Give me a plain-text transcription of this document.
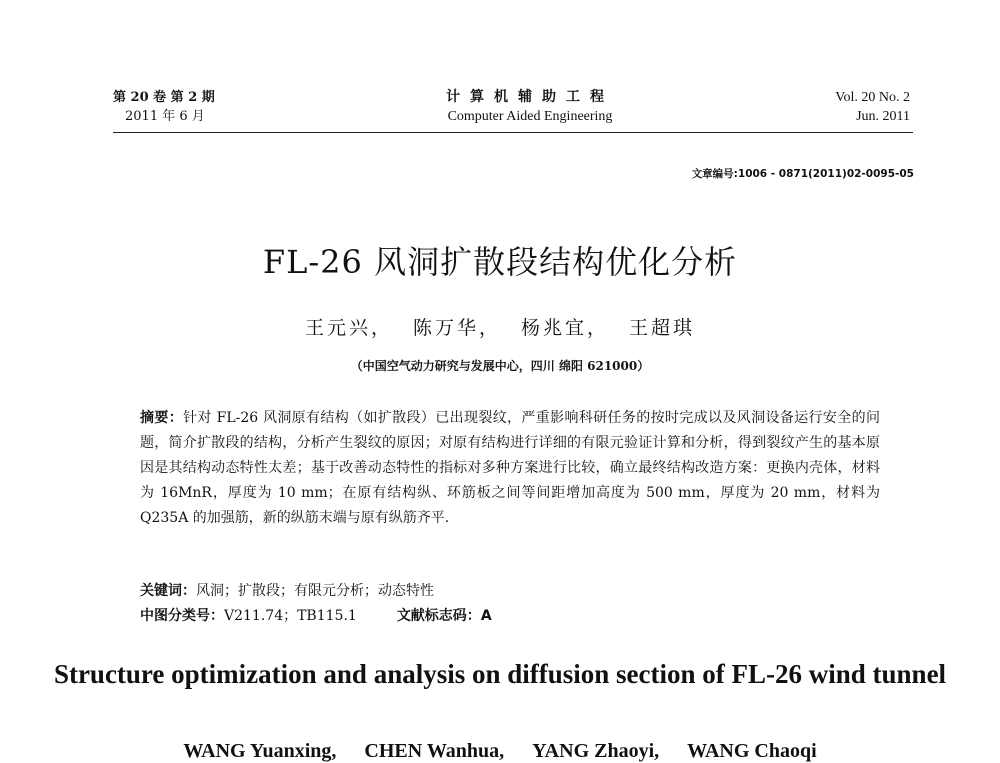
第 20 卷 第 2 期
2011 年 6 月
计算机辅助工程
Computer Aided Engineering
Vol. 20 No. 2
Jun. 2011
文章编号:1006 - 0871(2011)02-0095-05
FL-26 风洞扩散段结构优化分析
王元兴， 陈万华， 杨兆宜， 王超琪
（中国空气动力研究与发展中心，四川 绵阳 621000）
摘要：针对 FL-26 风洞原有结构（如扩散段）已出现裂纹，严重影响科研任务的按时完成以及风洞设备运行安全的问题，简介扩散段的结构，分析产生裂纹的原因；对原有结构进行详细的有限元验证计算和分析，得到裂纹产生的基本原因是其结构动态特性太差；基于改善动态特性的指标对多种方案进行比较，确立最终结构改造方案：更换内壳体，材料为 16MnR，厚度为 10 mm；在原有结构纵、环筋板之间等间距增加高度为 500 mm，厚度为 20 mm，材料为 Q235A 的加强筋，新的纵筋末端与原有纵筋齐平.
关键词：风洞；扩散段；有限元分析；动态特性
中图分类号：V211.74；TB115.1	文献标志码：A
Structure optimization and analysis on diffusion section of FL-26 wind tunnel
WANG Yuanxing, CHEN Wanhua, YANG Zhaoyi, WANG Chaoqi
